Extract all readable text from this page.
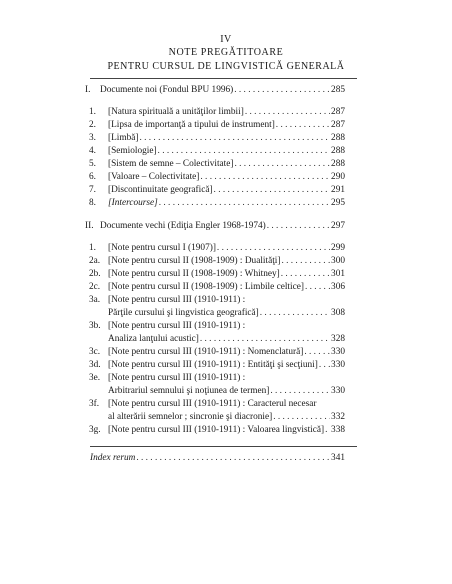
IV
NOTE PREGĂTITOARE
PENTRU CURSUL DE LINGVISTICĂ GENERALĂ
I. Documente noi (Fondul BPU 1996) . . .	285
1. [Natura spirituală a unităţilor limbii] . . .	287
2. [Lipsa de importanţă a tipului de instrument] . . .	287
3. [Limbă] . . .	288
4. [Semiologie] . . .	288
5. [Sistem de semne – Colectivitate] . . .	288
6. [Valoare – Colectivitate] . . .	290
7. [Discontinuitate geografică] . . .	291
8. [Intercourse] . . .	295
II. Documente vechi (Ediţia Engler 1968-1974) . . .	297
1. [Note pentru cursul I (1907)] . . .	299
2a. [Note pentru cursul II (1908-1909) : Dualităţi] . . .	300
2b. [Note pentru cursul II (1908-1909) : Whitney] . . .	301
2c. [Note pentru cursul II (1908-1909) : Limbile celtice] . . .	306
3a. [Note pentru cursul III (1910-1911) :
Părţile cursului şi lingvistica geografică] . . .	308
3b. [Note pentru cursul III (1910-1911) :
Analiza lanţului acustic] . . .	328
3c. [Note pentru cursul III (1910-1911) : Nomenclatură] . . .	330
3d. [Note pentru cursul III (1910-1911) : Entităţi şi secţiuni] . . . 330
3e. [Note pentru cursul III (1910-1911) :
Arbitrariul semnului şi noţiunea de termen] . . .	330
3f. [Note pentru cursul III (1910-1911) : Caracterul necesar
al alterării semnelor ; sincronie şi diacronie] . . .	332
3g. [Note pentru cursul III (1910-1911) : Valoarea lingvistică] . . . 338
Index rerum . . .	341
